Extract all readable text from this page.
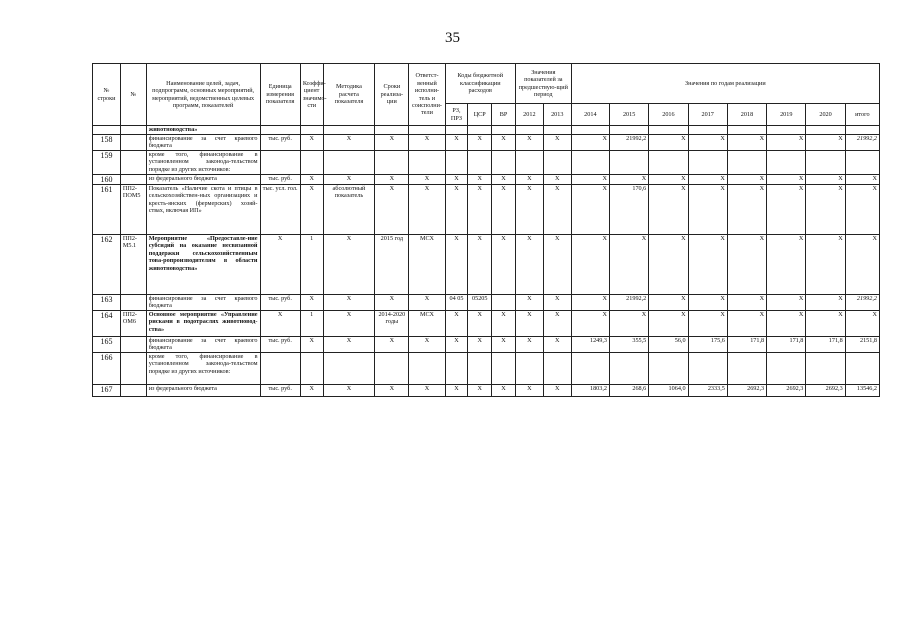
35
№ строки	№	Наименование целей, задач, подпрограмм, основных мероприятий, мероприятий, ведомственных целевых программ, показателей	Единица измерения показателя	Коэффи-циент значимо-сти	Методика расчета показателя	Сроки реализа-ции	Ответст-венный исполни-тель и соисполни-тели	Коды бюджетной классификации расходов			Значения показателей за предшествую-щий период		Значения по годам реализации							
								РЗ, ПРЗ	ЦСР	ВР	2012	2013	2014	2015	2016	2017	2018	2019	2020	итого
		животноводства»																		
158		финансирование за счет краевого бюджета	тыс. руб.	X	X	X	X	X	X	X	X	X	X	21992,2	X	X	X	X	X	21992,2
159		кроме того, финансирование в установленном законода-тельством порядке из других источников:																		
160		из федерального бюджета	тыс. руб.	X	X	X	X	X	X	X	X	X	X	X	X	X	X	X	X	X
161	ПП2-ПОМ5	Показатель «Наличие скота и птицы в сельскохозяйствен-ных организациях и кресть-янских (фермерских) хозяй-ствах, включая ИП»	тыс. усл. гол.	X	абсолютный показатель	X	X	X	X	X	X	X	X	170,6	X	X	X	X	X	X
162	ПП2-М5.1	Мероприятие «Предоставле-ние субсидий на оказание несвязанной поддержки сельскохозяйственным това-ропроизводителям в области животноводства»	X	1	X	2015 год	МСХ	X	X	X	X	X	X	X	X	X	X	X	X	X
163		финансирование за счет краевого бюджета	тыс. руб.	X	X	X	X	04 05	05205		X	X	X	21992,2	X	X	X	X	X	21992,2
164	ПП2-ОМ6	Основное мероприятие «Управление рисками в подотраслях животновод-ства»	X	1	X	2014-2020 годы	МСХ	X	X	X	X	X	X	X	X	X	X	X	X	X
165		финансирование за счет краевого бюджета	тыс. руб.	X	X	X	X	X	X	X	X	X	1249,3	355,5	56,0	175,6	171,8	171,8	171,8	2151,8
166		кроме того, финансирование в установленном законода-тельством порядке из других источников:																		
167		из федерального бюджета	тыс. руб.	X	X	X	X	X	X	X	X	X	1803,2	268,6	1064,0	2333,5	2692,3	2692,3	2692,3	13546,2
